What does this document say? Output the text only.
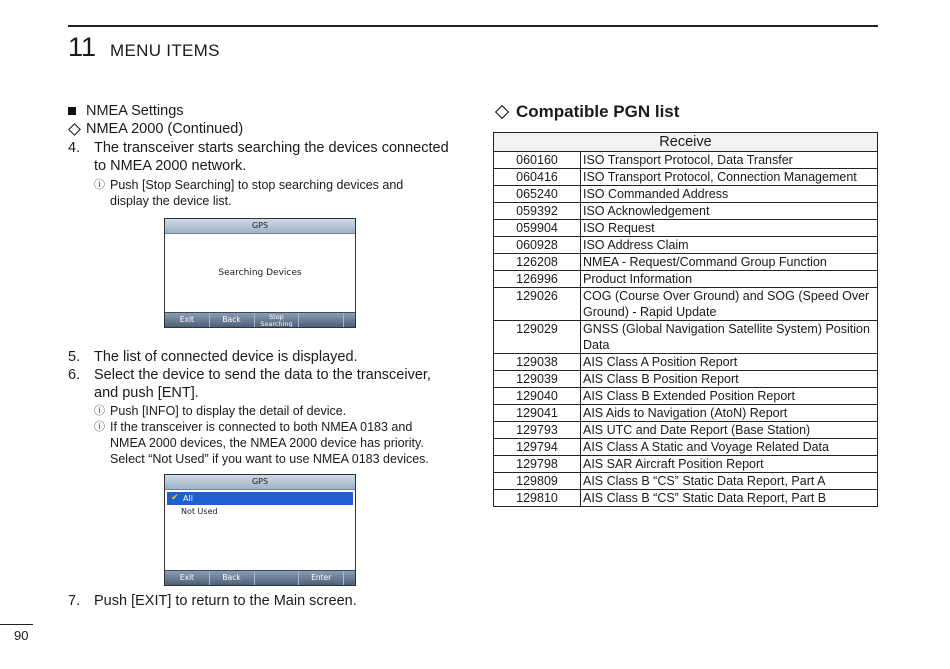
11 MENU ITEMS
NMEA Settings
NMEA 2000 (Continued)
4. The transceiver starts searching the devices connected
to NMEA 2000 network.
ⓘ Push [Stop Searching] to stop searching devices and
display the device list.
GPS
Searching Devices
Exit	Back	Stop
Searching
5. The list of connected device is displayed.
6. Select the device to send the data to the transceiver,
and push [ENT].
ⓘ Push [INFO] to display the detail of device.
ⓘ If the transceiver is connected to both NMEA 0183 and
NMEA 2000 devices, the NMEA 2000 device has priority.
Select “Not Used” if you want to use NMEA 0183 devices.
GPS
✔ All
Not Used
Exit	Back	Enter
7. Push [EXIT] to return to the Main screen.
Compatible PGN list
Receive	
060160	ISO Transport Protocol, Data Transfer
060416	ISO Transport Protocol, Connection Management
065240	ISO Commanded Address
059392	ISO Acknowledgement
059904	ISO Request
060928	ISO Address Claim
126208	NMEA - Request/Command Group Function
126996	Product Information
129026	COG (Course Over Ground) and SOG (Speed Over Ground) - Rapid Update
129029	GNSS (Global Navigation Satellite System) Position Data
129038	AIS Class A Position Report
129039	AIS Class B Position Report
129040	AIS Class B Extended Position Report
129041	AIS Aids to Navigation (AtoN) Report
129793	AIS UTC and Date Report (Base Station)
129794	AIS Class A Static and Voyage Related Data
129798	AIS SAR Aircraft Position Report
129809	AIS Class B “CS” Static Data Report, Part A
129810	AIS Class B “CS” Static Data Report, Part B
90
